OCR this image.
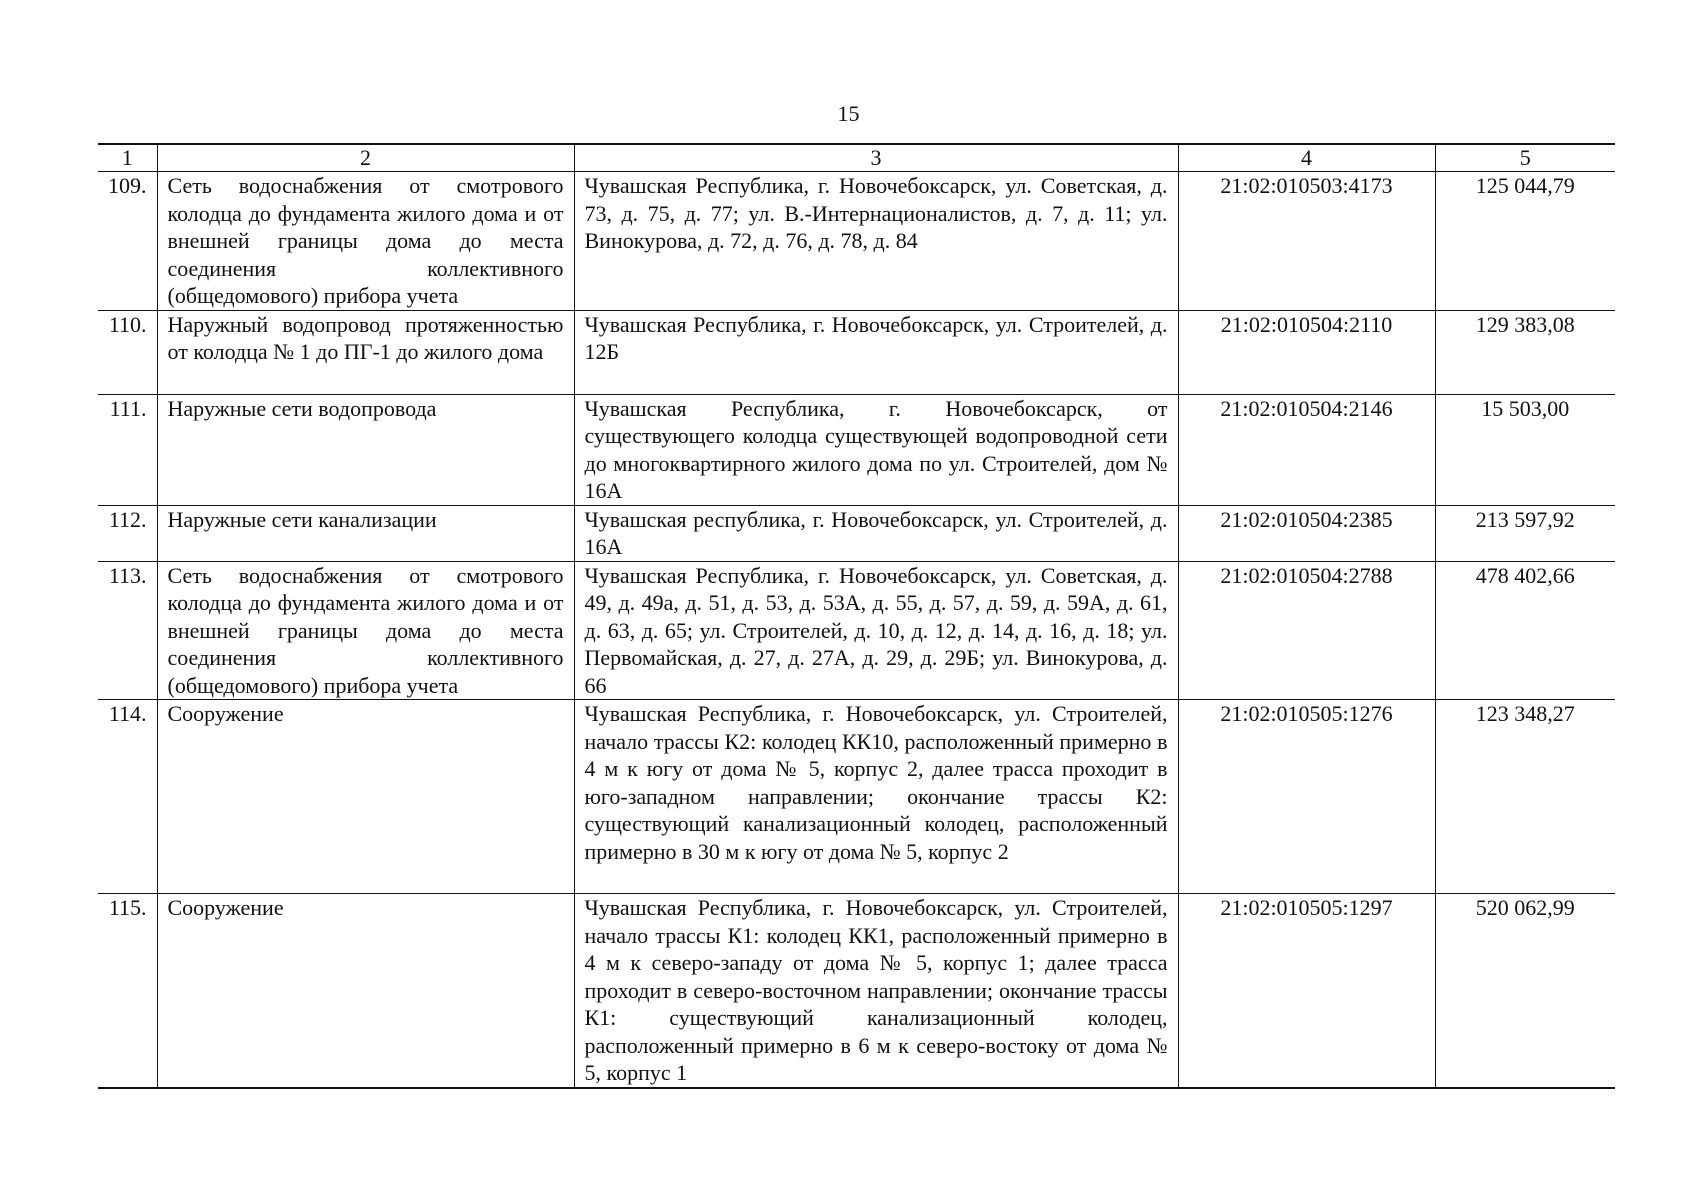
15
1	2	3	4	5
109.	Сеть водоснабжения от смотрового колодца до фундамента жилого дома и от внешней границы дома до места соединения коллективного (общедомового) прибора учета	Чувашская Республика, г. Новочебоксарск, ул. Советская, д. 73, д. 75, д. 77; ул. В.-Интернационалистов, д. 7, д. 11; ул. Винокурова, д. 72, д. 76, д. 78, д. 84	21:02:010503:4173	125 044,79
110.	Наружный водопровод протяженностью от колодца № 1 до ПГ-1 до жилого дома	Чувашская Республика, г. Новочебоксарск, ул. Строителей, д. 12Б	21:02:010504:2110	129 383,08
111.	Наружные сети водопровода	Чувашская Республика, г. Новочебоксарск, от существующего колодца существующей водопроводной сети до многоквартирного жилого дома по ул. Строителей, дом № 16А	21:02:010504:2146	15 503,00
112.	Наружные сети канализации	Чувашская республика, г. Новочебоксарск, ул. Строителей, д. 16А	21:02:010504:2385	213 597,92
113.	Сеть водоснабжения от смотрового колодца до фундамента жилого дома и от внешней границы дома до места соединения коллективного (общедомового) прибора учета	Чувашская Республика, г. Новочебоксарск, ул. Советская, д. 49, д. 49а, д. 51, д. 53, д. 53А, д. 55, д. 57, д. 59, д. 59А, д. 61, д. 63, д. 65; ул. Строителей, д. 10, д. 12, д. 14, д. 16, д. 18; ул. Первомайская, д. 27, д. 27А, д. 29, д. 29Б; ул. Винокурова, д. 66	21:02:010504:2788	478 402,66
114.	Сооружение	Чувашская Республика, г. Новочебоксарск, ул. Строителей, начало трассы К2: колодец КК10, расположенный примерно в 4 м к югу от дома № 5, корпус 2, далее трасса проходит в юго-западном направлении; окончание трассы К2: существующий канализационный колодец, расположенный примерно в 30 м к югу от дома № 5, корпус 2	21:02:010505:1276	123 348,27
115.	Сооружение	Чувашская Республика, г. Новочебоксарск, ул. Строителей, начало трассы К1: колодец КК1, расположенный примерно в 4 м к северо-западу от дома № 5, корпус 1; далее трасса проходит в северо-восточном направлении; окончание трассы К1: существующий канализационный колодец, расположенный примерно в 6 м к северо-востоку от дома № 5, корпус 1	21:02:010505:1297	520 062,99
